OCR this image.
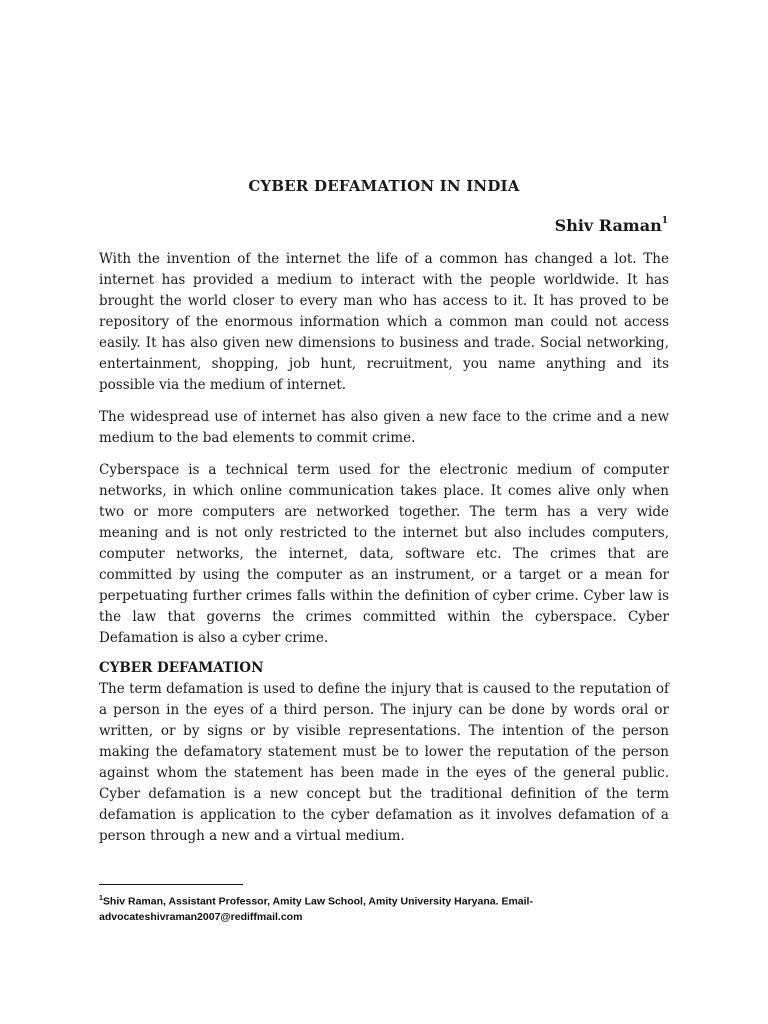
CYBER DEFAMATION IN INDIA
Shiv Raman$^1$

With the invention of the internet the life of a common has changed a lot. The internet has provided a medium to interact with the people worldwide. It has brought the world closer to every man who has access to it. It has proved to be repository of the enormous information which a common man could not access easily. It has also given new dimensions to business and trade. Social networking, entertainment, shopping, job hunt, recruitment, you name anything and its possible via the medium of internet.

The widespread use of internet has also given a new face to the crime and a new medium to the bad elements to commit crime.

Cyberspace is a technical term used for the electronic medium of computer networks, in which online communication takes place. It comes alive only when two or more computers are networked together. The term has a very wide meaning and is not only restricted to the internet but also includes computers, computer networks, the internet, data, software etc. The crimes that are committed by using the computer as an instrument, or a target or a mean for perpetuating further crimes falls within the definition of cyber crime. Cyber law is the law that governs the crimes committed within the cyberspace. Cyber Defamation is also a cyber crime.

CYBER DEFAMATION

The term defamation is used to define the injury that is caused to the reputation of a person in the eyes of a third person. The injury can be done by words oral or written, or by signs or by visible representations. The intention of the person making the defamatory statement must be to lower the reputation of the person against whom the statement has been made in the eyes of the general public. Cyber defamation is a new concept but the traditional definition of the term defamation is application to the cyber defamation as it involves defamation of a person through a new and a virtual medium.

$^1$Shiv Raman, Assistant Professor, Amity Law School, Amity University Haryana. Email-advocateshivraman2007@rediffmail.com
